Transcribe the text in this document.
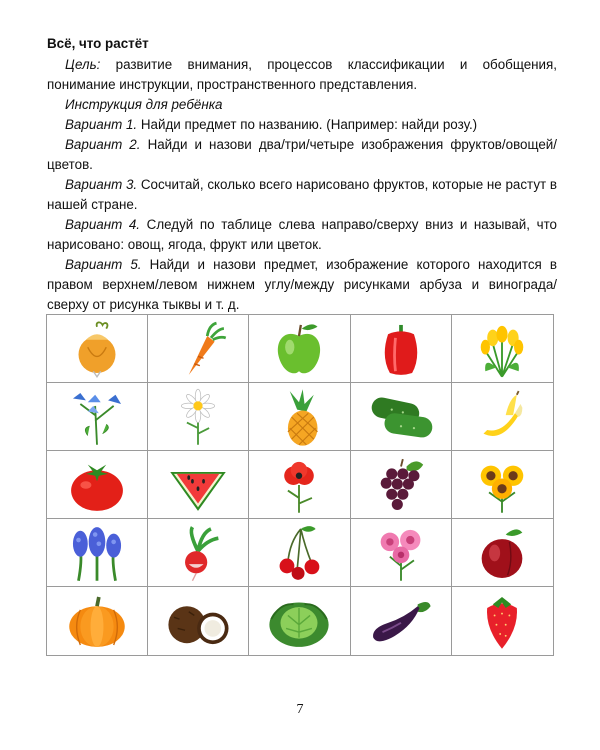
Всё, что растёт
Цель: развитие внимания, процессов классификации и обобщения, понимание инструкции, пространственного представления.
Инструкция для ребёнка
Вариант 1. Найди предмет по названию. (Например: найди розу.)
Вариант 2. Найди и назови два/три/четыре изображения фруктов/овощей/цветов.
Вариант 3. Сосчитай, сколько всего нарисовано фруктов, которые не растут в нашей стране.
Вариант 4. Следуй по таблице слева направо/сверху вниз и называй, что нарисовано: овощ, ягода, фрукт или цветок.
Вариант 5. Найди и назови предмет, изображение которого находится в правом верхнем/левом нижнем углу/между рисунками арбуза и винограда/сверху от рисунка тыквы и т. д.
7
